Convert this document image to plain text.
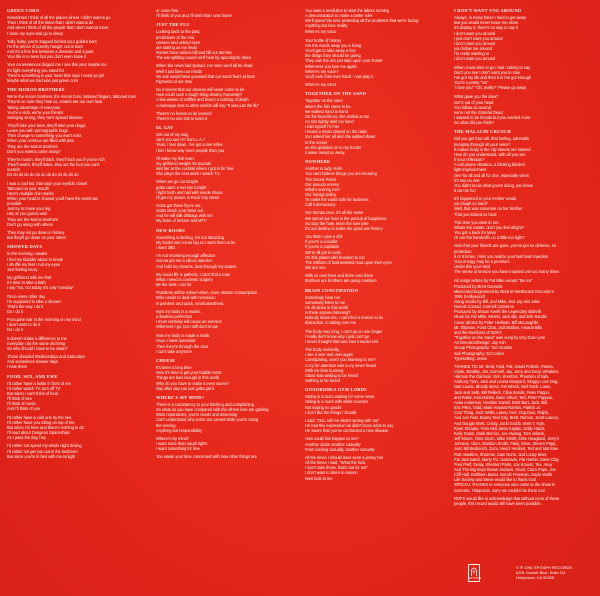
GREEN CORN
Sometimes I think of all the places where I didn't wanna go
Then I think of all the times that I didn't wanna do
And when I think of all the people that I don't wanna meet
I close my eyes and go to sleep
Tully, baby, you're trapped behind your golden bars
I'm the prince of poverty hangin' out in bars
And it's a fine line between a dreamer and a poet
Your life is a mess but you don't even know it
Your conveniences disgust me I see this your maybe too
It's fight everything you stand for
There's something in your heart that says I need ya girl
Maybe what we had was just green corn
THE MORON BROTHERS
We're the moron brothers, the moron bros, tattooed fingers, tattooed toes
They're so rude they hate us, smarts are our own fault
Taking advantage of everyone
You're a slob, we're your friends
Swinging strong, they can't spread disease
They'll take your beer, they'll take your drugs
Leave you with pornographic bugs
Then change to something you won't miss
When your cerebus are filled with piss
They are the Moron Brothers
Don't you wanna come along?
They're moron, they'll bitch, they'll fuck you if you're rich
They'll watch, they'll listen, they act the fool you can't
scratch
Do do do do do do do do do do do do do
I was a cool kid, that says your eyelids closed
Tattooed on your mouth
Here's multiple chin marks
When your head is shaved you'll have the worst tan
possible
Just try to move your leg
Hey ar you gonna wait
They are the Moron Brothers
Don't go along with others
They may not go down in history
But they'll go down on your street
SHOWER DAYS
In the morning I awake
I feel my bladder about to break
I shuffle my feet I rub my eyes
Just feeling lousy
My girlfriend tells me that
It's time to take a bath
I say "No, not today, it's only Tuesday"
Once every other day
I'm supposed to take a shower
That's the way I do it
Do I do it
Porcupine hair in the morning on my mind
I don't want to do it
Do I do it
It doesn't make a difference to me
Everyday I do the same old thing
So why should I have to be clean?
Those dreaded Wednesdays and Saturdays
And sometimes shower days
I hate them
FOOD, SEX, AND EWE
I'd rather have a bottle in front of me
I'd rather watch TV, turn off TV
But when I can't think of food
I'll think of sex
I'll think of music
And I'll think of you
I'd rather have a cold one by the sea
I'd rather have you sitting on top of me
But when I'm here and there's nothing to do
I'll read about Dungeon Spaceships
As I pass the day, hey
I'd rather not spend my whole night driving
I'd rather not get you out in the bedroom
But since you're in bed with me tonight
or come free
I'll think of you and I'll wish that I was home
JUST THE FLU
Looking back to the past,
predictions of the end
Unseen and unkind eyes
are staring on my head
Rocket force armies bill and bill our demise
The ear-splitting sound we'll hear by apocalyptic skies
When the news had spread, I've seen we'd all be dead
Well it just blew our minds
No one would have guessed that our worst fears at best
Figments of our time
So it seems that our dreams will never come to be
How could such a tough thing destroy humanity?
A few weeks of sniffles and fevers a nothing of death
A message sent to other worlds will say "It was just the flu"
There's no lesson to be learned
There's no one lots to learn it
EL GAY
Get out of my way,
can't you see I'm from L.A.?
Yeah, I feel down, I've got a tow reflex
I bet I know way more people than you
I'll make my fish town,
my girlfriend weighs 90 pounds
Met her at the cocktail where I got in for free
She plays the next week I watch T.V.
When we go out tonight
gotta catch a red eye tonight
I fight tooth and nail with suede shoes
I'll get my picture in Rock City News
Gotta get those flyers out
Gotta shock your Mom out
And he will talk dirtbags with me
My fame of fortune and MTV
NEW BOOBS
Something is lacking, I'm not attracting
My boobs are not as big so I want them to be
I want 36D
I'm not receiving enough affection
Gonna get me a silicon injection
And hold my dreams, bust through my seams
My social life is pathetic, I can't find a man
What I need is cosmetic surgery
Be the best I can be
Problems will be solved when, more vitamin consumption
Who needs to deal with recession
Is painless and quick, small anesthetic
Now my body is a model,
a flawless perfection
I must certainly will cause an erection
Wherever I go, but I still don't know
Now my body is made a mask
Guys I meet speculate
Then they're through the door
I can't take anymore
CHEESE
It's been a long time
Now it's time to get your bubble burst
Things are bad enough in this world
Why do you have to make it even worse?
Day after day you just gotta get it
WHERE'S MY MIND?
There is a consistency to your bitching and complaining
So what do you have compared with the others love are gaining
Want reparations, you're needs and deserving
Can't understand why some are carved while you're doing
the serving
Anything but responsibility
Where's my mind?
I want more than equal rights
I want something for free
You waste your time concerned with how other things are
You want a revolution to start the labors running
A demonstration to make a better ruler
We'll spend the time protesting all the problems that we're facing
Anything but face reality
Where's my voice
Your bottle of history
Are the words away you a living
You'd get to take away a few
the things they should be giving
They own the ant just step upon your sharer
Whenever you love me again
Where's my voice?
You'll earn their ever hand - now play it
Where's my mind
TOGETHER ON THE SAND
Together on the sand
where the fish came to be
we walked hand in hand
On the beachfront, she smiled at me
As she tightly held my hand
I told myself I'm her
I heard a music played on the radio
So I asked her all and she walked down
to the ocean
as she grabbed on to my border
it wave swept us away
NOWHERE
Another in lady, Hello
You can't believe things you are knowing
The Secret Priest
Our pseudo enemy
What's scaring me?
Our foreign policy
To make the world safe for business
Call it democracy
Our human race, it's all the same
We spend our lives in the pursuit of happiness
So stop the hate, learn the love joke
It's our destiny to make the good war history
You think I give a shit
If you're a socialist
If you're a capitalist
We're all got to exist
On this planet with freedom to run
The millions of brainwashed mud upon their eyes
We are one
With us over here and there over there
Brothers are brothers are going nowhere
BRAIN CONSTIPATION
Somebody hear me
somebody listen to me
I'm all alone in this world
Is there anyone listening?
Nobody hears me, I can't find a reason to be
distraction, to taking over me
The body very long, I can't go on one longer
I really don't know why I just can't go
I never thought that was how it would end
The body worriedly,
I see it over and over again
Constipating, aren't you listening to me?
A cry for attention was a cry never heard
With my time bunning
Glass was waiting to be heard
Nothing to be heard
GONORRHEA GYM LORDS
Sitting in a room waiting for some news
Sitting in a room with white couches
Not saying no goods
I don't like the things I should
I said, "Doc, tell me what's wrong with me"
He had this expression he didn't know what to say
He swore that you've contracted a new disease
How could this happen to me?
Another victim another casualty
From fucking casually, another casualty
All the times I should have worn a jersey hat
All the times I said, "What the fuck,
I won't take those, that's not for me"
I don't want to listen to reason
Now look at me
I DON'T WANT YOU AROUND
Always, in many times I tried to get away
But you would never leave me alone
It's display it, there's no way to say it
I don't want you around
I just don't want you around
I don't want you around
you follow me around
I'm really wanting to
I don't want you around
When it was time to go I had nothing to say
Don't you see I don't want you to stay
I've got my life and then it is I've got enough
You're a pretty "No"
"I love you" "Oh, really?" Please go away
What gave you the idea?
Get it out of your head
You follow us around
we're not the Grateful Dead
I wanted to be friends but you wanted more
So what did you think?
THE MALACHI CRUNCH
Did you get that call, that feeling, adrenalin
pumping through all your veins?
It makes body in the city streets are stained
How do you understand, with all you see
If your reflection?
A cell phone vibration, a blinking blinded
light imprisonment
One for all and all for one, especially when
It's two on one
You didn't know what you're doing, you know
it can be fun
It's happened to your mother would
you laugh so hard?
Well, that was someone on her brother
That you kicked so hard
This time you want to run
Whats the matter, don't you feel alright?
You got a back for Mary
Or are the handcuffs on a little too tight?
Now that your friends are gone, you've got no defense, no
protection
5 or 6 times, I kiss you realize your last heart injection
Your energy may be a premium
Under this your vinyl
The sense of tension you have inspired one too many times
All songs written by Fat Mike except "Be Ice"
Produced by Brett Gurewitz
Mixed and Engineered by Brett at Westbeach Recorders
1991 (Hollywood)
Gang vocals by Bill, and Mike, and Jay and Jake
Dennis Conrad, Donnell Cameron
Produced by Shaun Keefe the Legendary Blahnik
Music by Fat Mike, Melvin, Jack Bly, and Erik Sandin
Cover photos by Peter Heilman, Bill McLaughlin
Mr. Ellyman, Fond Chat, Jodi Brafton, Amaral Bills
and the Members of NOFX
"Together on the Sand" was sung by Izzy Dow Lynn
Art Direction/Design: Jay Ash
Group Photography: Tom Dumke
Soli Photography: Ed Colver
Typesetting: Jesse
THANKS TO: Mr. Brett, Kind, Pat, David Pollock, Patera,
Clyde, Bradley, Jim, Donnell, Jay, Jerry and Desy, Whalens,
Harmon the Garrison, Erin, Krentzer, Phantom of tails,
Anthony Tran, Jack and Leona Monyard, Sloppy Love Dog,
Dan Lauria, Bloody Mess, Fat Wreck, Neil Rock, Lowe,
Jack and Seth, Bill Pelleck, Cline Bonds, Peter Pappo,
and Pattie, Kira Dubbs, Dave Olson, Ted, Peter Pappas,
Anita Anderson, Heather Daniel, Brett Bart, Jack, Bill,
Eric Pikel, Todd, Mark Howard Rankin, Patrick Jo
Cool Thing, Jack Wells, Laney, Kerl, Dog Dust, Ralph,
And Joe Fear, Bunny Teal Day, Brett, Ramon, Scott Laurus,
And Dougie Brett, Crissy, Jacki Grobb, Brett T, Kyle,
Ryan Shrader, Fran Neil, Bess Kaplan, Eddy Hatch,
Kelly Dolan, Mark Berrios, Joe Hwang, Tom Jelinek,
Jeff Moore, Gina Sicon, Mike Smith, Mike Hoagland, Jerry's
Johnson, Glen, Sheldon Smith, Patty, Drive, Steven Popp,
Joel, Bill Berberich, Zuzu, Heinz Heckert, Ted and Mat Ewe
Rob Hawkins, Sharrow, Joan Norm, and Lousy Beer,
Fat Jack Band, Marty Fix, Gatorade, Pat Harker, Dave Clay,
Fred Pieff, Dealy, Sherbert Parts, Joy Krauss, Tex, Anxy
And The Big Boys Brown Jackers, Heart, Clara Pope, Joe
Cliff Hall, Kathleen Barns, Bonds Freeman, Doyle Wolfe
Life Society and Steve would like to thank God
SPECIAL THANKS to everyone who came to the show in
Sorrento, Tidepoints, sorry we couldn't be there too!
NOFX would like to acknowledge that without none of these
people, this record would still have been possible.
EPITAPH
© ℗ 1991 EPITAPH RECORDS
6201 Sunset Blvd. Suite 111
Hollywood, CA 90028
